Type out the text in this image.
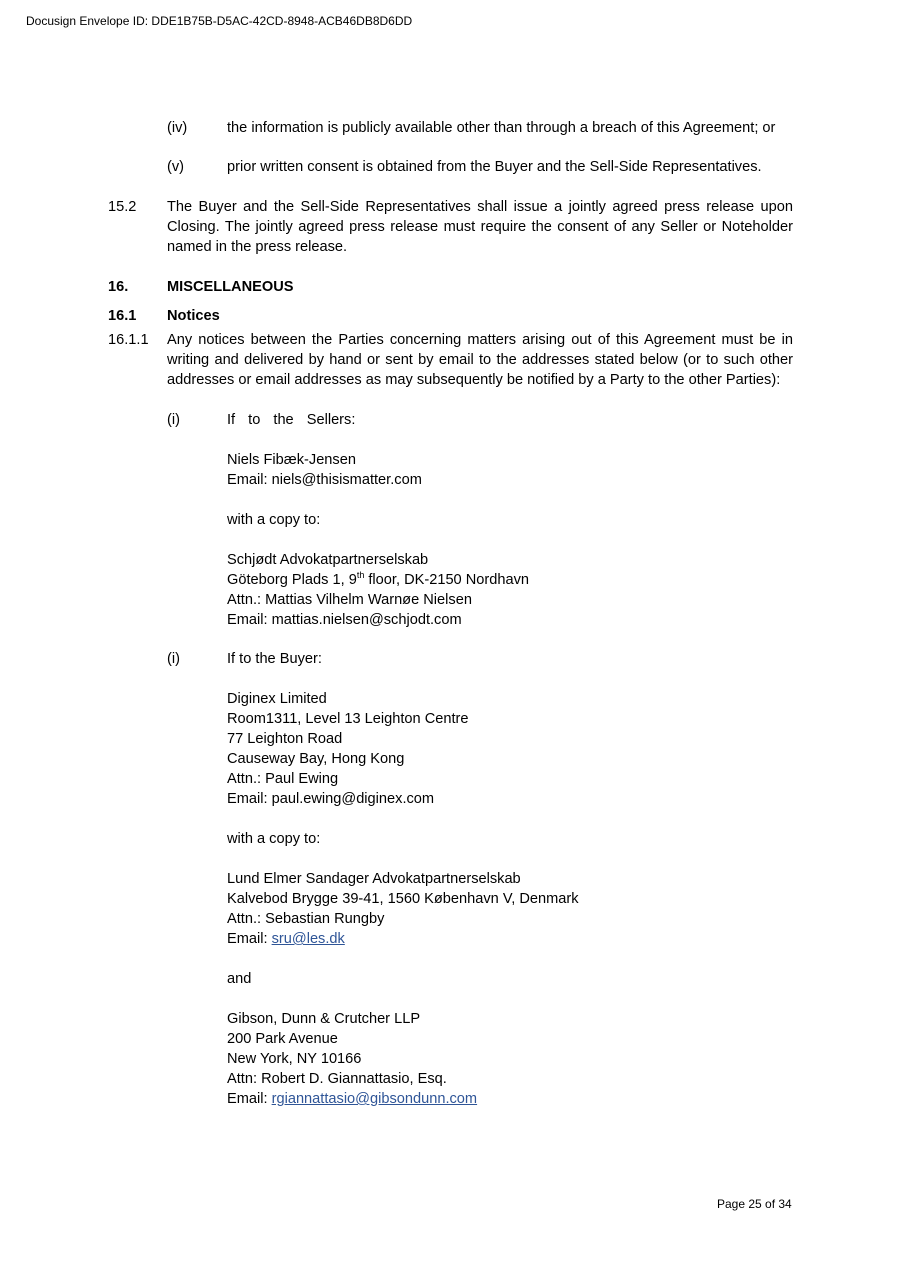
Docusign Envelope ID: DDE1B75B-D5AC-42CD-8948-ACB46DB8D6DD
(iv)	the information is publicly available other than through a breach of this Agreement; or
(v)	prior written consent is obtained from the Buyer and the Sell-Side Representatives.
15.2 The Buyer and the Sell-Side Representatives shall issue a jointly agreed press release upon Closing. The jointly agreed press release must require the consent of any Seller or Noteholder named in the press release.
16.	MISCELLANEOUS
16.1 Notices
16.1.1 Any notices between the Parties concerning matters arising out of this Agreement must be in writing and delivered by hand or sent by email to the addresses stated below (or to such other addresses or email addresses as may subsequently be notified by a Party to the other Parties):
(i)	If to the Sellers:
Niels Fibæk-Jensen
Email: niels@thisismatter.com
with a copy to:
Schjødt Advokatpartnerselskab
Göteborg Plads 1, 9th floor, DK-2150 Nordhavn
Attn.: Mattias Vilhelm Warnøe Nielsen
Email: mattias.nielsen@schjodt.com
(i)	If to the Buyer:
Diginex Limited
Room1311, Level 13 Leighton Centre
77 Leighton Road
Causeway Bay, Hong Kong
Attn.: Paul Ewing
Email: paul.ewing@diginex.com
with a copy to:
Lund Elmer Sandager Advokatpartnerselskab
Kalvebod Brygge 39-41, 1560 København V, Denmark
Attn.: Sebastian Rungby
Email: sru@les.dk
and
Gibson, Dunn & Crutcher LLP
200 Park Avenue
New York, NY 10166
Attn: Robert D. Giannattasio, Esq.
Email: rgiannattasio@gibsondunn.com
Page 25 of 34
